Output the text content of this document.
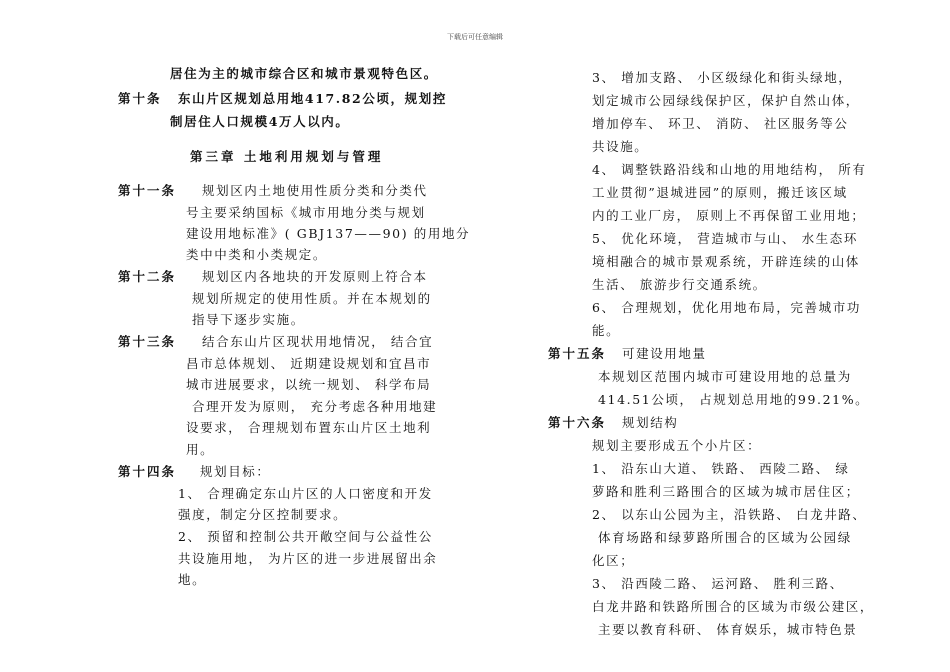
下载后可任意编辑
居住为主的城市综合区和城市景观特色区。
第十条 东山片区规划总用地417.82公顷，规划控
制居住人口规模4万人以内。
第三章 土地利用规划与管理
第十一条 规划区内土地使用性质分类和分类代
号主要采纳国标《城市用地分类与规划
建设用地标准》( GBJ137——90) 的用地分
类中中类和小类规定。
第十二条 规划区内各地块的开发原则上符合本
规划所规定的使用性质。并在本规划的
指导下逐步实施。
第十三条 结合东山片区现状用地情况， 结合宜
昌市总体规划、 近期建设规划和宜昌市
城市进展要求，以统一规划、 科学布局
合理开发为原则， 充分考虑各种用地建
设要求， 合理规划布置东山片区土地利
用。
第十四条 规划目标：
1、 合理确定东山片区的人口密度和开发
强度，制定分区控制要求。
2、 预留和控制公共开敞空间与公益性公
共设施用地， 为片区的进一步进展留出余
地。
3、 增加支路、 小区级绿化和街头绿地，
划定城市公园绿线保护区，保护自然山体，
增加停车、 环卫、 消防、 社区服务等公
共设施。
4、 调整铁路沿线和山地的用地结构， 所有
工业贯彻”退城进园”的原则，搬迁该区域
内的工业厂房， 原则上不再保留工业用地；
5、 优化环境， 营造城市与山、 水生态环
境相融合的城市景观系统，开辟连续的山体
生活、 旅游步行交通系统。
6、 合理规划，优化用地布局，完善城市功
能。
第十五条 可建设用地量
本规划区范围内城市可建设用地的总量为
414.51公顷， 占规划总用地的99.21%。
第十六条 规划结构
规划主要形成五个小片区：
1、 沿东山大道、 铁路、 西陵二路、 绿
萝路和胜利三路围合的区域为城市居住区；
2、 以东山公园为主，沿铁路、 白龙井路、
体育场路和绿萝路所围合的区域为公园绿
化区；
3、 沿西陵二路、 运河路、 胜利三路、
白龙井路和铁路所围合的区域为市级公建区，
主要以教育科研、 体育娱乐，城市特色景
